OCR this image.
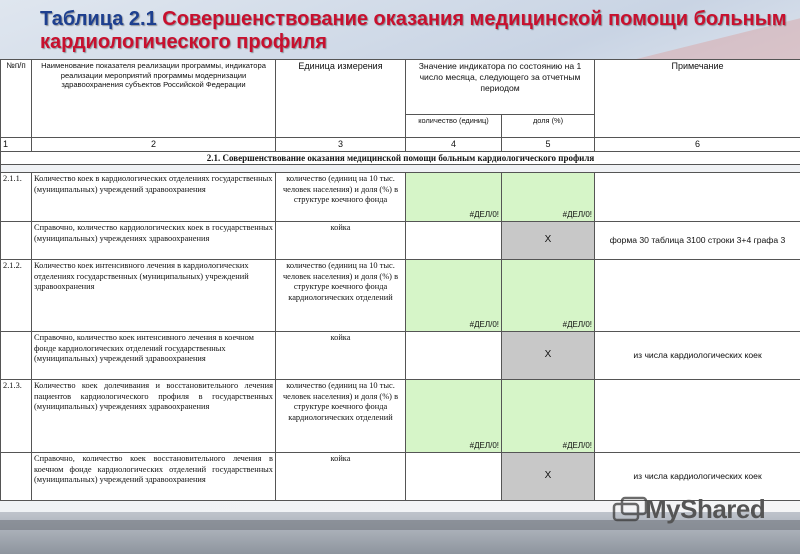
Таблица 2.1 Совершенствование оказания медицинской помощи больным кардиологического профиля
№п/п	Наименование показателя реализации программы, индикатора реализации мероприятий программы модернизации здравоохранения субъектов Российской Федерации	Единица измерения	Значение индикатора по состоянию на 1 число месяца, следующего за отчетным периодом		Примечание
			количество (единиц)	доля (%)	
1	2	3	4	5	6
2.1. Совершенствование оказания медицинской помощи больным кардиологического профиля					

2.1.1.	Количество коек в кардиологических отделениях государственных (муниципальных) учреждений здравоохранения	количество (единиц на 10 тыс. человек населения) и доля (%) в структуре коечного фонда	#ДЕЛ/0!	#ДЕЛ/0!	
	Справочно, количество кардиологических коек в государственных (муниципальных) учреждениях здравоохранения	койка		X	форма 30 таблица 3100 строки 3+4 графа 3
2.1.2.	Количество коек интенсивного лечения в кардиологических отделениях государственных (муниципальных) учреждений здравоохранения	количество (единиц на 10 тыс. человек населения) и доля (%) в структуре коечного фонда кардиологических отделений	#ДЕЛ/0!	#ДЕЛ/0!	
	Справочно, количество коек интенсивного лечения в коечном фонде кардиологических отделений государственных (муниципальных) учреждений здравоохранения	койка		X	из числа кардиологических коек
2.1.3.	Количество коек долечивания и восстановительного лечения пациентов кардиологического профиля в государственных (муниципальных) учреждениях здравоохранения	количество (единиц на 10 тыс. человек населения) и доля (%) в структуре коечного фонда кардиологических отделений	#ДЕЛ/0!	#ДЕЛ/0!	
	Справочно, количество коек восстановительного лечения в коечном фонде кардиологических отделений государственных (муниципальных) учреждений здравоохранения	койка		X	из числа кардиологических коек
MyShared
